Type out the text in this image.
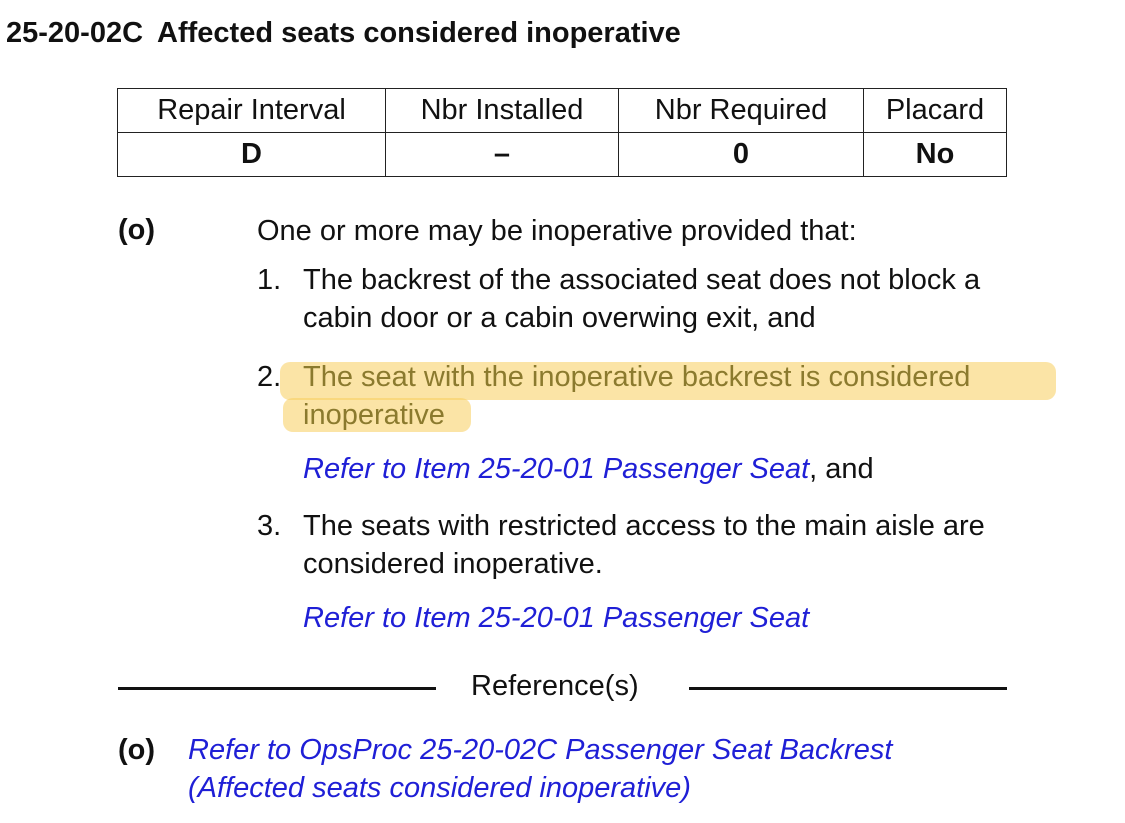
25-20-02C Affected seats considered inoperative
Repair Interval	Nbr Installed	Nbr Required	Placard
D	–	0	No
(o)	One or more may be inoperative provided that:
1. The backrest of the associated seat does not block a
cabin door or a cabin overwing exit, and
2. The seat with the inoperative backrest is considered
inoperative
Refer to Item 25-20-01 Passenger Seat, and
3. The seats with restricted access to the main aisle are
considered inoperative.
Refer to Item 25-20-01 Passenger Seat
Reference(s)
(o) Refer to OpsProc 25-20-02C Passenger Seat Backrest
(Affected seats considered inoperative)
